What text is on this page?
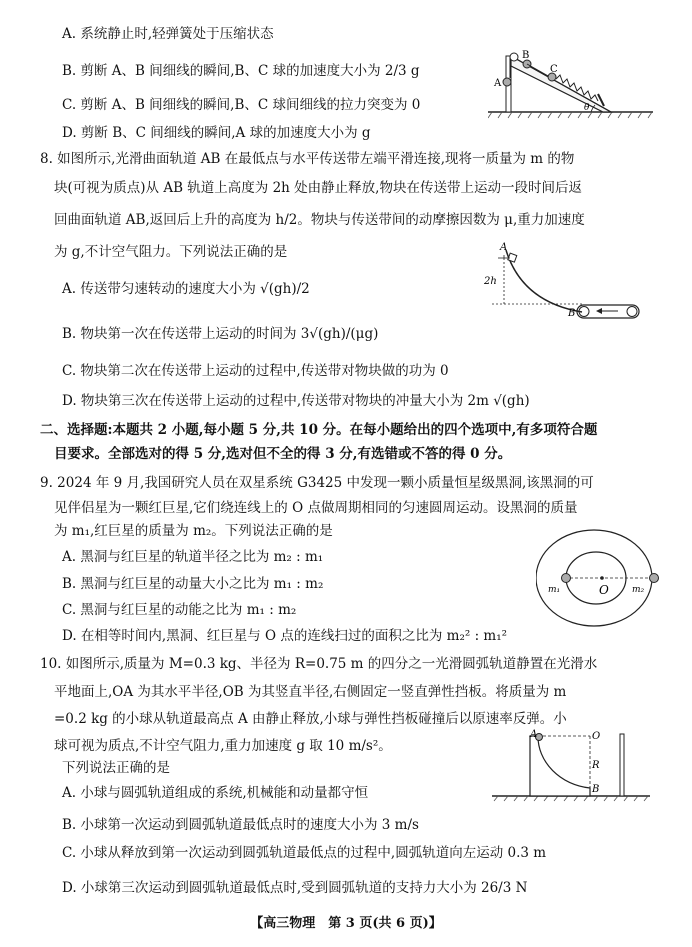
A. 系统静止时,轻弹簧处于压缩状态
B. 剪断 A、B 间细线的瞬间,B、C 球的加速度大小为 2/3 g
C. 剪断 A、B 间细线的瞬间,B、C 球间细线的拉力突变为 0
D. 剪断 B、C 间细线的瞬间,A 球的加速度大小为 g
A
B
C
θ
8. 如图所示,光滑曲面轨道 AB 在最低点与水平传送带左端平滑连接,现将一质量为 m 的物
块(可视为质点)从 AB 轨道上高度为 2h 处由静止释放,物块在传送带上运动一段时间后返
回曲面轨道 AB,返回后上升的高度为 h/2。物块与传送带间的动摩擦因数为 μ,重力加速度
为 g,不计空气阻力。下列说法正确的是
A. 传送带匀速转动的速度大小为 √(gh)/2
B. 物块第一次在传送带上运动的时间为 3√(gh)/(μg)
C. 物块第二次在传送带上运动的过程中,传送带对物块做的功为 0
D. 物块第三次在传送带上运动的过程中,传送带对物块的冲量大小为 2m √(gh)
A
2h
B
二、选择题:本题共 2 小题,每小题 5 分,共 10 分。在每小题给出的四个选项中,有多项符合题
目要求。全部选对的得 5 分,选对但不全的得 3 分,有选错或不答的得 0 分。
9. 2024 年 9 月,我国研究人员在双星系统 G3425 中发现一颗小质量恒星级黑洞,该黑洞的可
见伴侣星为一颗红巨星,它们绕连线上的 O 点做周期相同的匀速圆周运动。设黑洞的质量
为 m₁,红巨星的质量为 m₂。下列说法正确的是
A. 黑洞与红巨星的轨道半径之比为 m₂ : m₁
B. 黑洞与红巨星的动量大小之比为 m₁ : m₂
C. 黑洞与红巨星的动能之比为 m₁ : m₂
D. 在相等时间内,黑洞、红巨星与 O 点的连线扫过的面积之比为 m₂² : m₁²
m₁	O	m₂
10. 如图所示,质量为 M=0.3 kg、半径为 R=0.75 m 的四分之一光滑圆弧轨道静置在光滑水
平地面上,OA 为其水平半径,OB 为其竖直半径,右侧固定一竖直弹性挡板。将质量为 m
=0.2 kg 的小球从轨道最高点 A 由静止释放,小球与弹性挡板碰撞后以原速率反弹。小
球可视为质点,不计空气阻力,重力加速度 g 取 10 m/s²。
下列说法正确的是
A. 小球与圆弧轨道组成的系统,机械能和动量都守恒
B. 小球第一次运动到圆弧轨道最低点时的速度大小为 3 m/s
C. 小球从释放到第一次运动到圆弧轨道最低点的过程中,圆弧轨道向左运动 0.3 m
D. 小球第三次运动到圆弧轨道最低点时,受到圆弧轨道的支持力大小为 26/3 N
A	O
R
B
【高三物理　第 3 页(共 6 页)】
